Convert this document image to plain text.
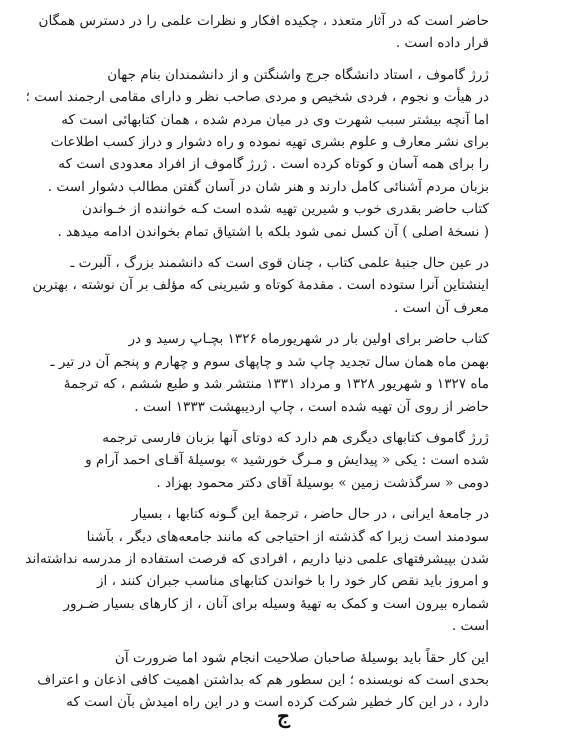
حاضر است که در آثار متعدد ، چکیده افکار و نظرات علمی را در دسترس همگان
قرار داده است .

ژرژ گاموف ، استاد دانشگاه جرج واشنگتن و از دانشمندان بنام جهان
در هیأت و نجوم ، فردی شخیص و مردی صاحب نظر و دارای مقامی ارجمند است ؛
اما آنچه بیشتر سبب شهرت وی در میان مردم شده ، همان کتابهائی است که
برای نشر معارف و علوم بشری تهیه نموده و راه دشوار و دراز کسب اطلاعات
را برای همه آسان و کوتاه کرده است . ژرژ گاموف از افراد معدودی است که
بزبان مردم آشنائی کامل دارند و هنر شان در آسان گفتن مطالب دشوار است .
کتاب حاضر بقدری خوب و شیرین تهیه شده است کـه خواننده از خـواندن
( نسخهٔ اصلی ) آن کسل نمی شود بلکه با اشتیاق تمام بخواندن ادامه میدهد .

در عین حال جنبهٔ علمی کتاب ، چنان قوی است که دانشمند بزرگ ، آلبرت ـ
اینشتاین آنرا ستوده است . مقدمهٔ کوتاه و شیرینی که مؤلف بر آن نوشته ، بهترین
معرف آن است .

کتاب حاضر برای اولین بار در شهریورماه ۱۳۲۶ بچـاپ رسید و در
بهمن ماه همان سال تجدید چاپ شد و چاپهای سوم و چهارم و پنجم آن در تیر ـ
ماه ۱۳۲۷ و شهریور ۱۳۲۸ و مرداد ۱۳۳۱ منتشر شد و طبع ششم ، که ترجمهٔ
حاضر از روی آن تهیه شده است ، چاپ اردیبهشت ۱۳۳۳ است .

ژرژ گاموف کتابهای دیگری هم دارد که دوتای آنها بزبان فارسی ترجمه
شده است : یکی « پیدایش و مـرگ خورشید » بوسیلهٔ آقـای احمد آرام و
دومی « سرگذشت زمین » بوسیلهٔ آقای دکتر محمود بهزاد .

در جامعهٔ ایرانی ، در حال حاضر ، ترجمهٔ این گـونه کتابها ، بسیار
سودمند است زیرا که گذشته از احتیاجی که مانند جامعه‌های دیگر ، بآشنا
شدن بپیشرفتهای علمی دنیا داریم ، افرادی که فرصت استفاده از مدرسه نداشته‌اند
و امروز باید نقص کار خود را با خواندن کتابهای مناسب جبران کنند ، از
شماره بیرون است و کمک به تهیهٔ وسیله برای آنان ، از کارهای بسیار ضـرور
است .

این کار حقاً باید بوسیلهٔ صاحبان صلاحیت انجام شود اما ضرورت آن
بحدی است که نویسنده ؛ این سطور هم که بداشتن اهمیت کافی اذعان و اعتراف
دارد ، در این کار خطیر شرکت کرده است و در این راه امیدش بآن است که

ج
